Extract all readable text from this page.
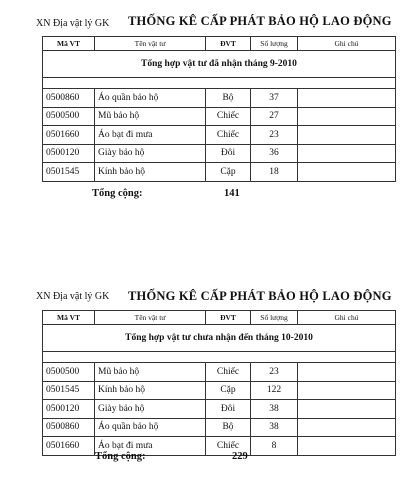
XN Địa vật lý GK THỐNG KÊ CẤP PHÁT BẢO HỘ LAO ĐỘNG
Mã VT	Tên vật tư	ĐVT	Số lượng	Ghi chú
Tổng hợp vật tư đã nhận tháng 9-2010				

0500860	Áo quần bảo hộ	Bộ	37	
0500500	Mũ bảo hộ	Chiếc	27	
0501660	Áo bạt đi mưa	Chiếc	23	
0500120	Giày bảo hộ	Đôi	36	
0501545	Kính bảo hộ	Cặp	18	
Tổng cộng:	141
XN Địa vật lý GK THỐNG KÊ CẤP PHÁT BẢO HỘ LAO ĐỘNG
Mã VT	Tên vật tư	ĐVT	Số lượng	Ghi chú
Tổng hợp vật tư chưa nhận đến tháng 10-2010				

0500500	Mũ bảo hộ	Chiếc	23	
0501545	Kính bảo hộ	Cặp	122	
0500120	Giày bảo hộ	Đôi	38	
0500860	Áo quần bảo hộ	Bộ	38	
0501660	Áo bạt đi mưa	Chiếc	8	
Tổng cộng:	229
